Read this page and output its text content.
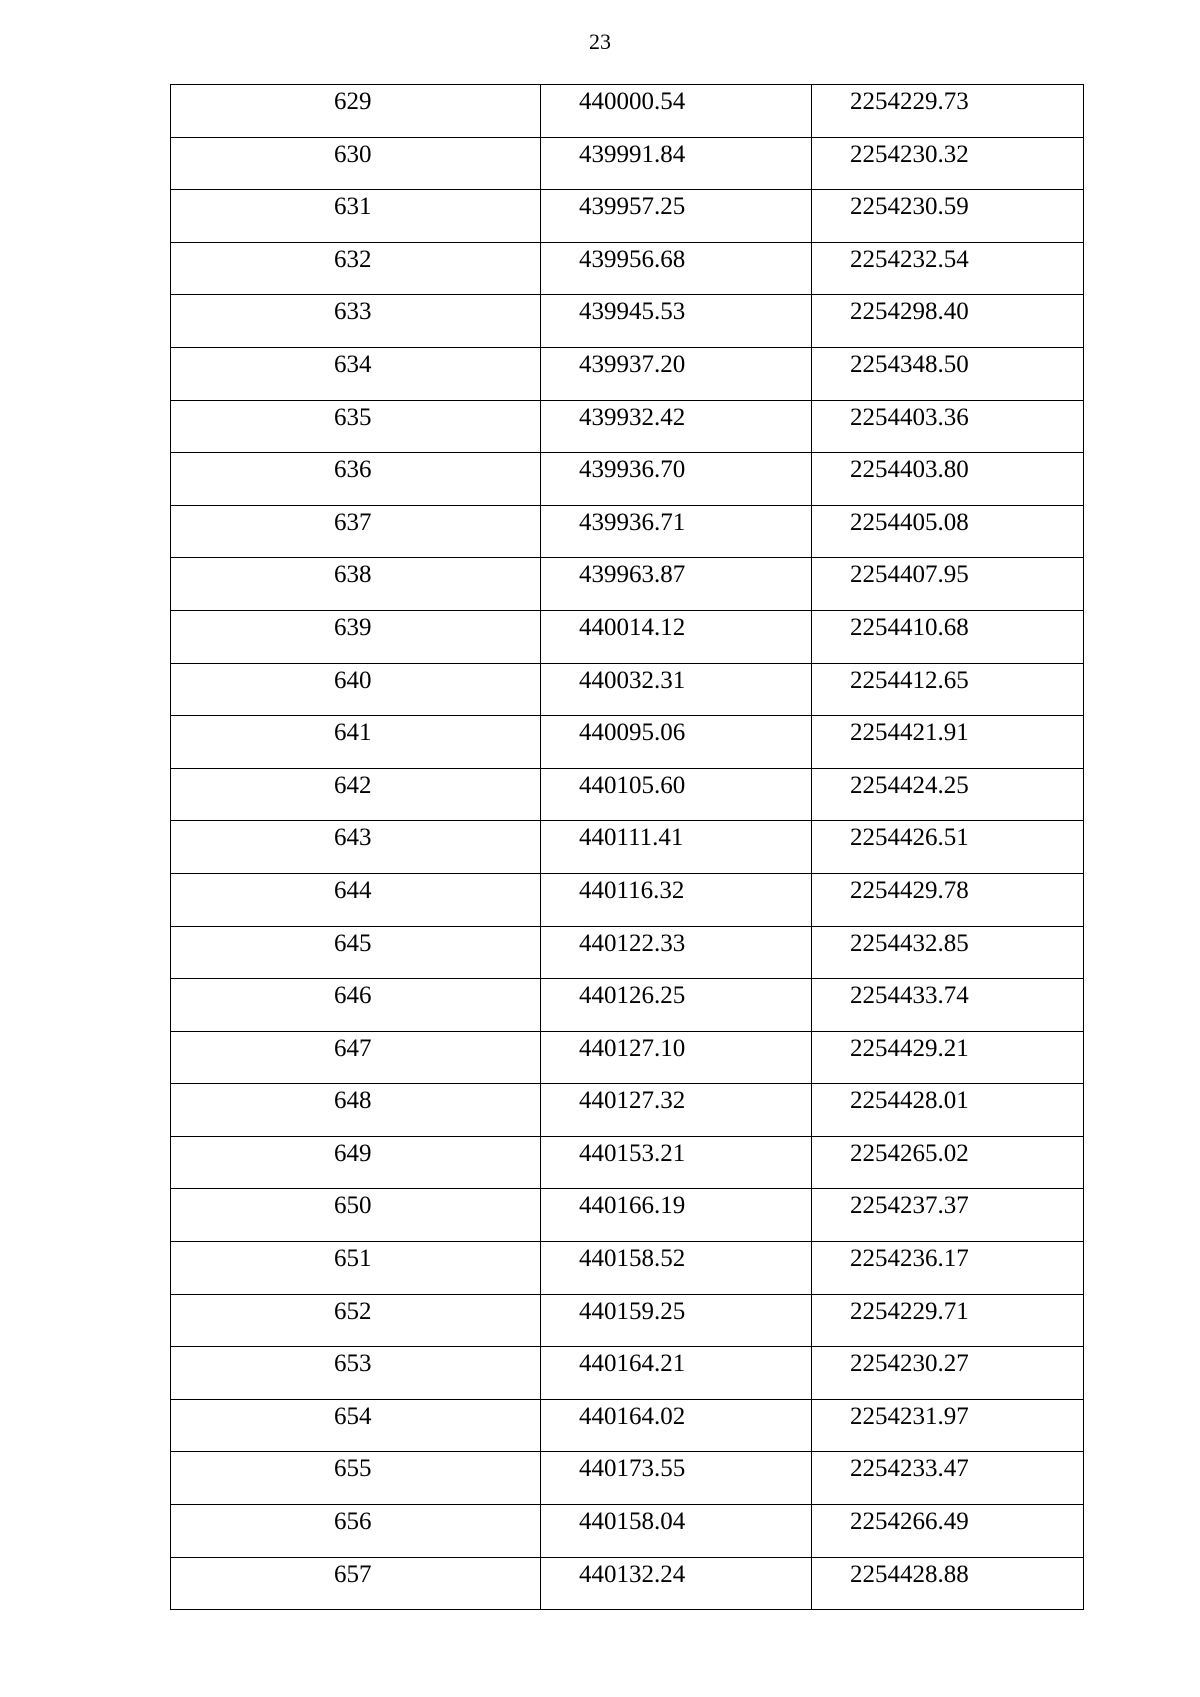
23
629	440000.54	2254229.73
630	439991.84	2254230.32
631	439957.25	2254230.59
632	439956.68	2254232.54
633	439945.53	2254298.40
634	439937.20	2254348.50
635	439932.42	2254403.36
636	439936.70	2254403.80
637	439936.71	2254405.08
638	439963.87	2254407.95
639	440014.12	2254410.68
640	440032.31	2254412.65
641	440095.06	2254421.91
642	440105.60	2254424.25
643	440111.41	2254426.51
644	440116.32	2254429.78
645	440122.33	2254432.85
646	440126.25	2254433.74
647	440127.10	2254429.21
648	440127.32	2254428.01
649	440153.21	2254265.02
650	440166.19	2254237.37
651	440158.52	2254236.17
652	440159.25	2254229.71
653	440164.21	2254230.27
654	440164.02	2254231.97
655	440173.55	2254233.47
656	440158.04	2254266.49
657	440132.24	2254428.88
